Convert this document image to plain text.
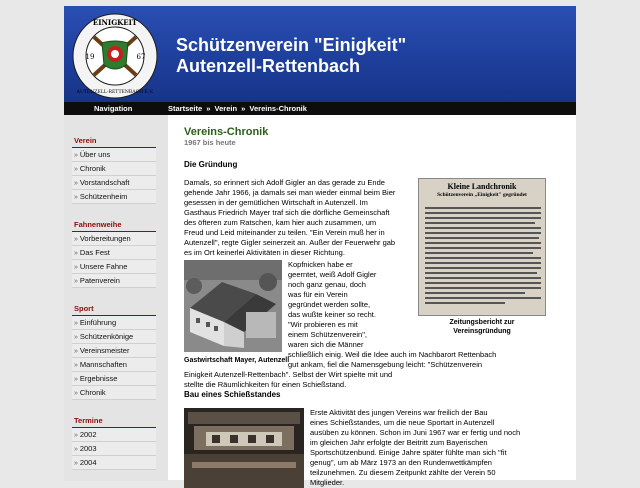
EINIGKEIT
19	67
AUTENZELL-RETTENBACH E.V.
Schützenverein "Einigkeit"
Autenzell-Rettenbach
Navigation	Startseite » Verein » Vereins-Chronik
Verein
» Über uns
» Chronik
» Vorstandschaft
» Schützenheim
Fahnenweihe
» Vorbereitungen
» Das Fest
» Unsere Fahne
» Patenverein
Sport
» Einführung
» Schützenkönige
» Vereinsmeister
» Mannschaften
» Ergebnisse
» Chronik
Termine
» 2002
» 2003
» 2004
Vereins-Chronik
1967 bis heute
Die Gründung
Damals, so erinnert sich Adolf Gigler an das gerade zu Ende
gehende Jahr 1966, ja damals sei man wieder einmal beim Bier
gesessen in der gemütlichen Wirtschaft in Autenzell. Im
Gasthaus Friedrich Mayer traf sich die dörfliche Gemeinschaft
des öfteren zum Ratschen, kam hier auch zusammen, um
Freud und Leid miteinander zu teilen. "Ein Verein muß her in
Autenzell", regte Gigler seinerzeit an. Außer der Feuerwehr gab
es im Ort keinerlei Aktivitäten in dieser Richtung.
Kleine Landchronik
Schützenverein „Einigkeit" gegründet
Zeitungsbericht zur
Vereinsgründung
Gastwirtschaft Mayer, Autenzell
Kopfnicken habe er
geerntet, weiß Adolf Gigler
noch ganz genau, doch
was für ein Verein
gegründet werden sollte,
das wußte keiner so recht.
"Wir probieren es mit
einem Schützenverein",
waren sich die Männer
schließlich einig. Weil die Idee auch im Nachbarort Rettenbach
gut ankam, fiel die Namensgebung leicht: "Schützenverein
Einigkeit Autenzell-Rettenbach". Selbst der Wirt spielte mit und
stellte die Räumlichkeiten für einen Schießstand.
Bau eines Schießstandes
Erste Aktivität des jungen Vereins war freilich der Bau
eines Schießstandes, um die neue Sportart in Autenzell
ausüben zu können. Schon im Juni 1967 war er fertig und noch
im gleichen Jahr erfolgte der Beitritt zum Bayerischen
Sportschützenbund. Einige Jahre später fühlte man sich "fit
genug", um ab März 1973 an den Rundenwettkämpfen
teilzunehmen. Zu diesem Zeitpunkt zählte der Verein 50
Mitglieder.
